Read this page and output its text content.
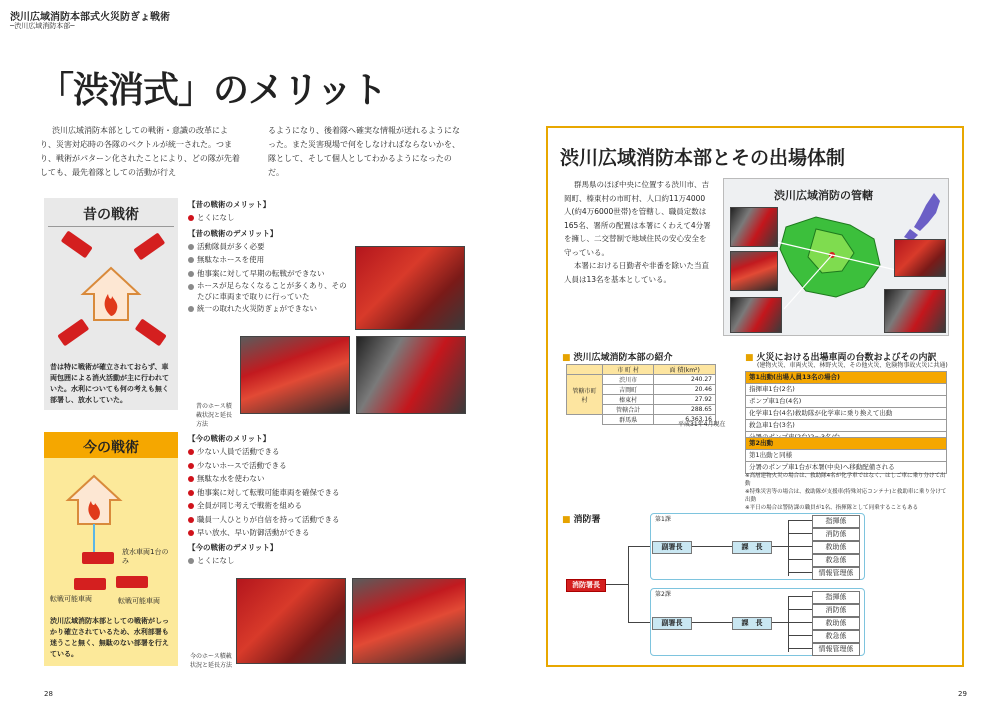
渋川広域消防本部式火災防ぎょ戦術
─渋川広域消防本部─
「渋消式」のメリット
渋川広域消防本部としての戦術・意識の改革により、災害対応時の各隊のベクトルが統一された。つまり、戦術がパターン化されたことにより、どの隊が先着しても、最先着隊としての活動が行え
るようになり、後着隊へ確実な情報が送れるようになった。また災害現場で何をしなければならないかを、隊として、そして個人としてわかるようになったのだ。
昔の戦術
昔は特に戦術が確立されておらず、車両包囲による消火活動が主に行われていた。水利についても何の考えも無く部署し、放水していた。
【昔の戦術のメリット】
とくになし
【昔の戦術のデメリット】
活動隊員が多く必要
無駄なホースを使用
他事案に対して早期の転戦ができない
ホースが足らなくなることが多くあり、そのたびに車両まで取りに行っていた
統一の取れた火災防ぎょができない
昔のホース積載状況と延長方法
今の戦術
放水車両1台のみ
転戦可能車両	転戦可能車両
渋川広域消防本部としての戦術がしっかり確立されているため、水利部署も迷うこと無く、無駄のない部署を行えている。
【今の戦術のメリット】
少ない人員で活動できる
少ないホースで活動できる
無駄な水を使わない
他事案に対して転戦可能車両を確保できる
全員が同じ考えで戦術を組める
職員一人ひとりが自信を持って活動できる
早い放水、早い防御活動ができる
【今の戦術のデメリット】
とくになし
今のホース積載状況と延長方法
28
渋川広域消防本部とその出場体制
群馬県のほぼ中央に位置する渋川市、吉岡町、榛東村の市町村、人口約11万4000人(約4万6000世帯)を管轄し、職員定数は165名、署所の配置は本署にくわえて4分署を擁し、二交替制で地域住民の安心安全を守っている。
本署における日勤者や非番を除いた当直人員は13名を基本としている。
渋川広域消防の管轄
■ 渋川広域消防本部の紹介
	市 町 村	面 積(km²)
管轄市町村	渋川市	240.27
	吉岡町	20.46
	榛東村	27.92
	管轄合計	288.65
	群馬県	6,363.16
平成31年4月現在
■ 火災における出場車両の台数およびその内訳
(建物火災、車両火災、林野火災、その他火災、危険物事故火災に共通)
第1出動(出場人員13名の場合)
指揮車1台(2名)
ポンプ車1台(4名)
化学車1台(4名)救助隊が化学車に乗り換えて出動
救急車1台(3名)
第2出動
第1出動と同様
分署のポンプ車1台が本署(中央)へ移動配備される
※高層建物火災の場合は、救助隊4名が化学車ではなく、はしご車に乗り分けて出動
※特殊災害等の場合は、救助隊が支援車(特殊対応コンテナ)と救助車に乗り分けて出動
※平日の場合は警防課の職員が1名、指揮隊として同乗することもある
■ 消防署
消防署長
第1課
副署長	課　長
指揮係
消防係
救助係
救急係
情報管理係
第2課
副署長	課　長
指揮係
消防係
救助係
救急係
情報管理係
29
